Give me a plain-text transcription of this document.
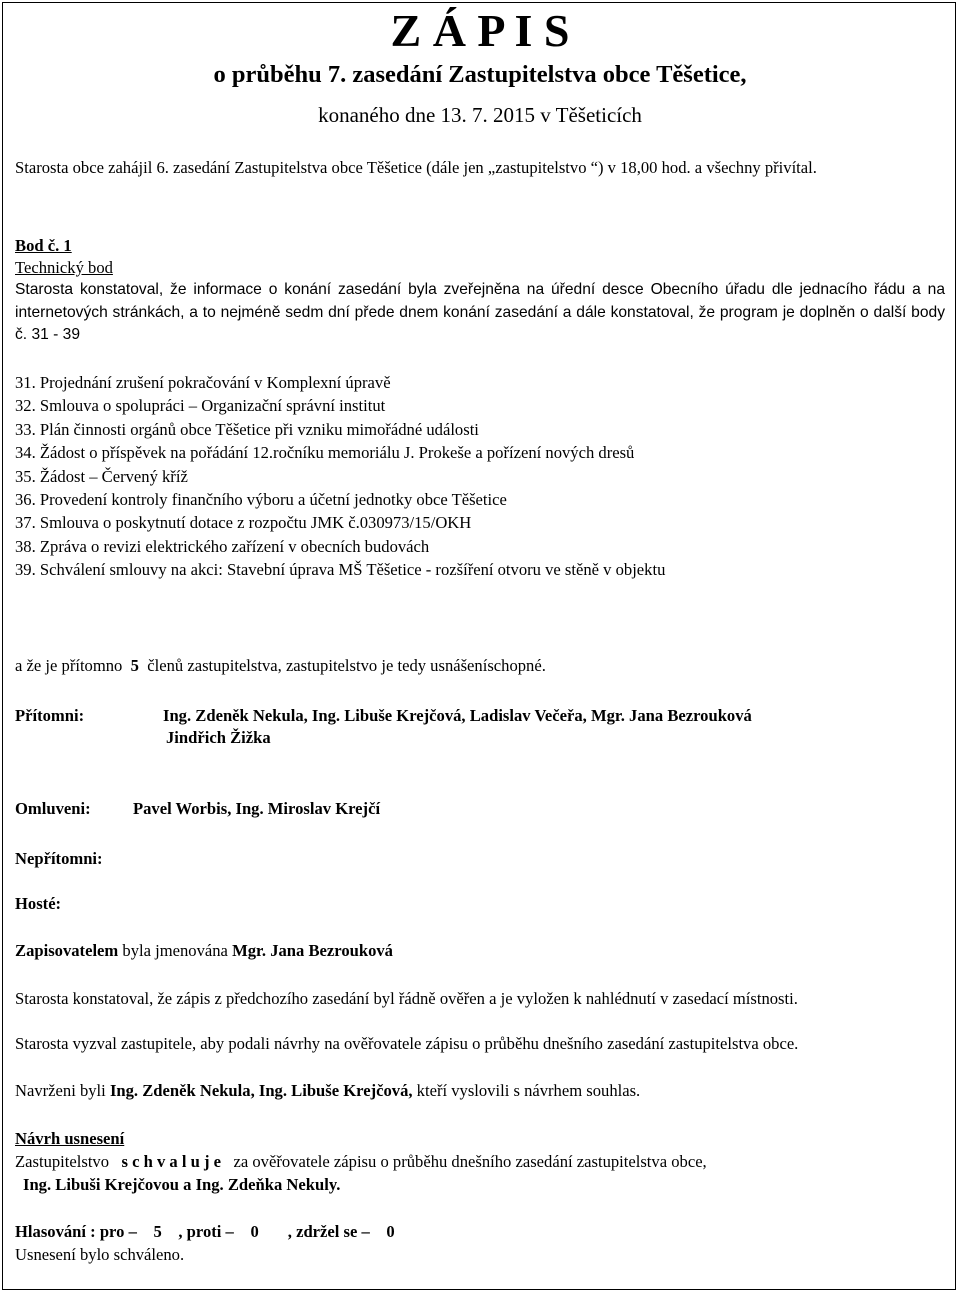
Z Á P I S
o průběhu 7. zasedání Zastupitelstva obce Těšetice,
konaného dne 13. 7. 2015 v Těšeticích
Starosta obce zahájil 6. zasedání Zastupitelstva obce Těšetice (dále jen „zastupitelstvo “) v 18,00 hod. a všechny přivítal.
Bod č. 1
Technický bod
Starosta konstatoval, že informace o konání zasedání byla zveřejněna na úřední desce Obecního úřadu dle jednacího řádu a na internetových stránkách, a to nejméně sedm dní přede dnem konání zasedání a dále konstatoval, že program je doplněn o další body č. 31 - 39
31. Projednání zrušení pokračování v Komplexní úpravě
32. Smlouva o spolupráci – Organizační správní institut
33. Plán činnosti orgánů obce Těšetice při vzniku mimořádné události
34. Žádost o příspěvek na pořádání 12.ročníku memoriálu J. Prokeše a pořízení nových dresů
35. Žádost – Červený kříž
36. Provedení kontroly finančního výboru a účetní jednotky obce Těšetice
37. Smlouva o poskytnutí dotace z rozpočtu JMK č.030973/15/OKH
38. Zpráva o revizi elektrického zařízení v obecních budovách
39. Schválení smlouvy na akci: Stavební úprava MŠ Těšetice - rozšíření otvoru ve stěně v objektu
a že je přítomno 5 členů zastupitelstva, zastupitelstvo je tedy usnášeníschopné.
Přítomni:	Ing. Zdeněk Nekula, Ing. Libuše Krejčová, Ladislav Večeřa, Mgr. Jana Bezrouková
Jindřich Žižka
Omluveni:	Pavel Worbis, Ing. Miroslav Krejčí
Nepřítomni:
Hosté:
Zapisovatelem byla jmenována Mgr. Jana Bezrouková
Starosta konstatoval, že zápis z předchozího zasedání byl řádně ověřen a je vyložen k nahlédnutí v zasedací místnosti.
Starosta vyzval zastupitele, aby podali návrhy na ověřovatele zápisu o průběhu dnešního zasedání zastupitelstva obce.
Navrženi byli Ing. Zdeněk Nekula, Ing. Libuše Krejčová, kteří vyslovili s návrhem souhlas.
Návrh usnesení
Zastupitelstvo s c h v a l u j e za ověřovatele zápisu o průběhu dnešního zasedání zastupitelstva obce,
Ing. Libuši Krejčovou a Ing. Zdeňka Nekuly.
Hlasování : pro – 5 , proti – 0 , zdržel se – 0
Usnesení bylo schváleno.
